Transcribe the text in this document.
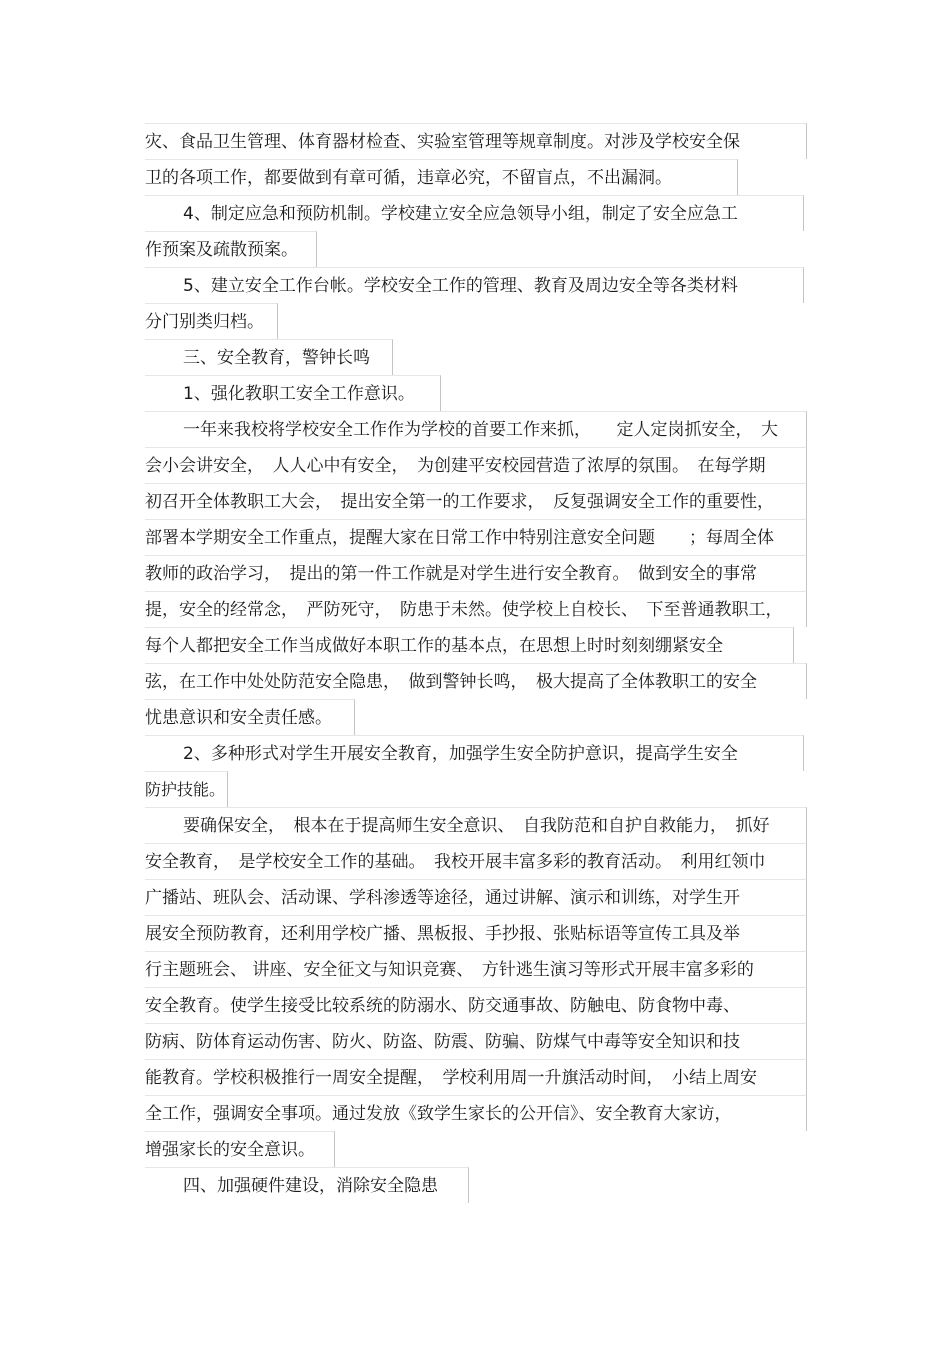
灾、食品卫生管理、体育器材检查、实验室管理等规章制度。对涉及学校安全保
卫的各项工作，都要做到有章可循，违章必究，不留盲点，不出漏洞。
4、制定应急和预防机制。学校建立安全应急领导小组，制定了安全应急工
作预案及疏散预案。
5、建立安全工作台帐。学校安全工作的管理、教育及周边安全等各类材料
分门别类归档。
三、安全教育，警钟长鸣
1、强化教职工安全工作意识。
一年来我校将学校安全工作作为学校的首要工作来抓，　　定人定岗抓安全，　大
会小会讲安全，　人人心中有安全，　为创建平安校园营造了浓厚的氛围。　在每学期
初召开全体教职工大会，　提出安全第一的工作要求，　反复强调安全工作的重要性，
部署本学期安全工作重点，提醒大家在日常工作中特别注意安全问题　　；每周全体
教师的政治学习，　提出的第一件工作就是对学生进行安全教育。　做到安全的事常
提，安全的经常念，　严防死守，　防患于未然。使学校上自校长、　下至普通教职工，
每个人都把安全工作当成做好本职工作的基本点，在思想上时时刻刻绷紧安全
弦，在工作中处处防范安全隐患，　做到警钟长鸣，　极大提高了全体教职工的安全
忧患意识和安全责任感。
2、多种形式对学生开展安全教育，加强学生安全防护意识，提高学生安全
防护技能。
要确保安全，　根本在于提高师生安全意识、　自我防范和自护自救能力，　抓好
安全教育，　是学校安全工作的基础。　我校开展丰富多彩的教育活动。　利用红领巾
广播站、班队会、活动课、学科渗透等途径，通过讲解、演示和训练，对学生开
展安全预防教育，还利用学校广播、黑板报、手抄报、张贴标语等宣传工具及举
行主题班会、 讲座、安全征文与知识竞赛、　方针逃生演习等形式开展丰富多彩的
安全教育。使学生接受比较系统的防溺水、防交通事故、防触电、防食物中毒、
防病、防体育运动伤害、防火、防盗、防震、防骗、防煤气中毒等安全知识和技
能教育。学校积极推行一周安全提醒，　学校利用周一升旗活动时间，　小结上周安
全工作，强调安全事项。通过发放《致学生家长的公开信》、安全教育大家访，
增强家长的安全意识。
四、加强硬件建设，消除安全隐患
